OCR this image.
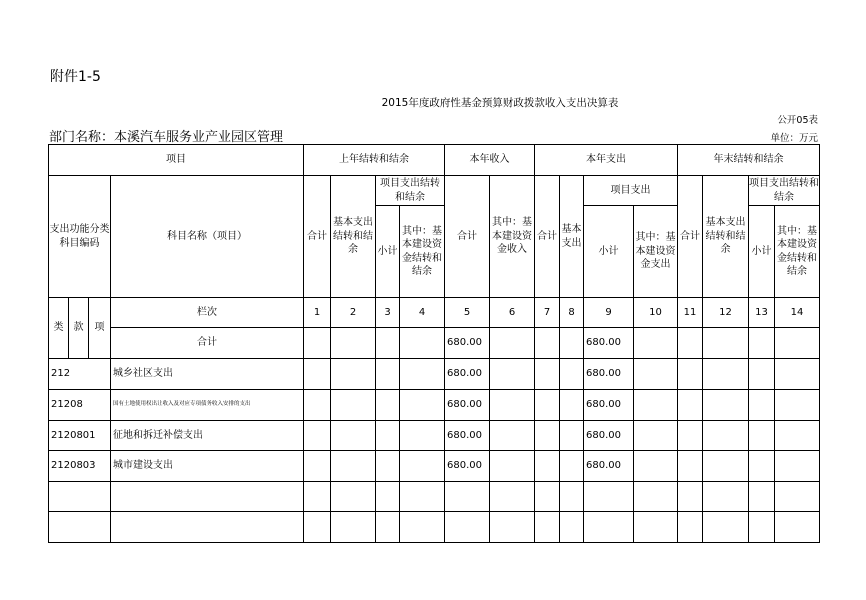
附件1-5
2015年度政府性基金预算财政拨款收入支出决算表
公开05表
部门名称：本溪汽车服务业产业园区管理	单位：万元
项目				上年结转和结余				本年收入		本年支出				年末结转和结余			
支出功能分类科目编码			科目名称（项目）	合计	基本支出结转和结余	项目支出结转和结余		合计	其中：基本建设资金收入	合计	基本支出	项目支出		合计	基本支出结转和结余	项目支出结转和结余	
						小计	其中：基本建设资金结转和结余					小计	其中：基本建设资金支出			小计	其中：基本建设资金结转和结余
类	款	项	栏次	1	2	3	4	5	6	7	8	9	10	11	12	13	14
			合计					680.00				680.00					
212			城乡社区支出					680.00				680.00					
21208			国有土地使用权出让收入及对应专项债务收入安排的支出					680.00				680.00					
2120801			征地和拆迁补偿支出					680.00				680.00					
2120803			城市建设支出					680.00				680.00					
